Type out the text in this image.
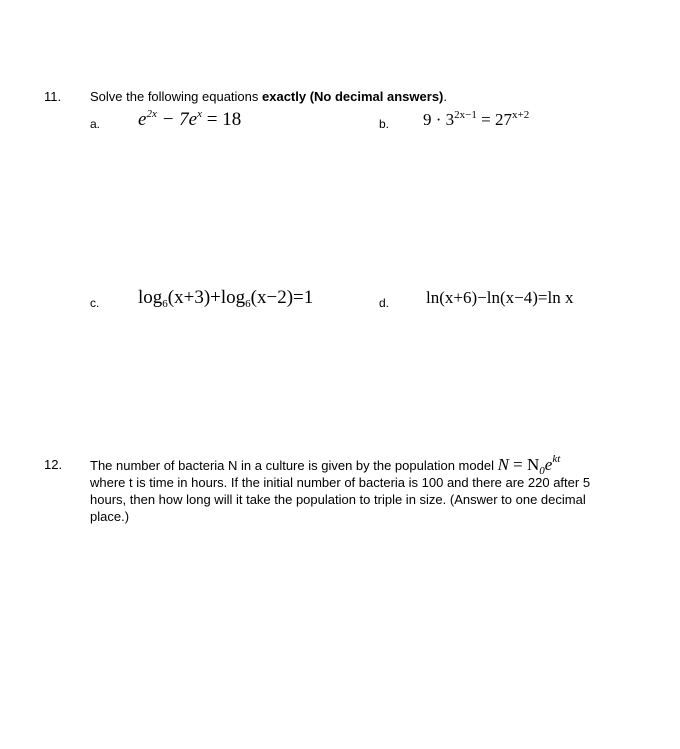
11. Solve the following equations exactly (No decimal answers).
a. $e^{2x} - 7e^x = 18$	b. $9 \cdot 3^{2x-1} = 27^{x+2}$
c. $\log_6(x+3)+\log_6(x-2)=1$	d. ln(x+6)−ln(x−4)=ln x
12. The number of bacteria N in a culture is given by the population model $N = N_0e^{kt}$
where t is time in hours. If the initial number of bacteria is 100 and there are 220 after 5
hours, then how long will it take the population to triple in size. (Answer to one decimal
place.)
